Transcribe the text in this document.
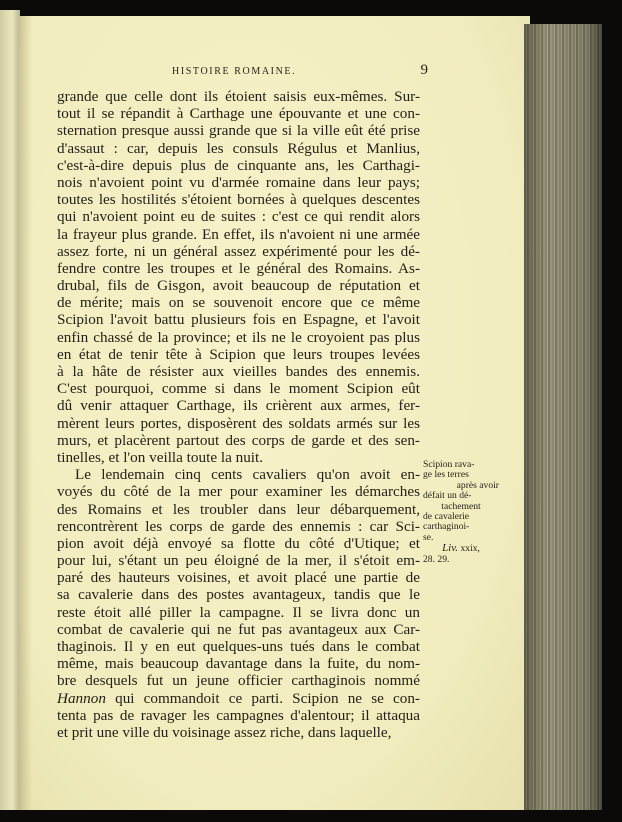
HISTOIRE ROMAINE.	9
grande que celle dont ils étoient saisis eux-mêmes. Sur-
tout il se répandit à Carthage une épouvante et une con-
sternation presque aussi grande que si la ville eût été prise
d'assaut : car, depuis les consuls Régulus et Manlius,
c'est-à-dire depuis plus de cinquante ans, les Carthagi-
nois n'avoient point vu d'armée romaine dans leur pays;
toutes les hostilités s'étoient bornées à quelques descentes
qui n'avoient point eu de suites : c'est ce qui rendit alors
la frayeur plus grande. En effet, ils n'avoient ni une armée
assez forte, ni un général assez expérimenté pour les dé-
fendre contre les troupes et le général des Romains. As-
drubal, fils de Gisgon, avoit beaucoup de réputation et
de mérite; mais on se souvenoit encore que ce même
Scipion l'avoit battu plusieurs fois en Espagne, et l'avoit
enfin chassé de la province; et ils ne le croyoient pas plus
en état de tenir tête à Scipion que leurs troupes levées
à la hâte de résister aux vieilles bandes des ennemis.
C'est pourquoi, comme si dans le moment Scipion eût
dû venir attaquer Carthage, ils crièrent aux armes, fer-
mèrent leurs portes, disposèrent des soldats armés sur les
murs, et placèrent partout des corps de garde et des sen-
tinelles, et l'on veilla toute la nuit.
Le lendemain cinq cents cavaliers qu'on avoit en-
voyés du côté de la mer pour examiner les démarches
des Romains et les troubler dans leur débarquement,
rencontrèrent les corps de garde des ennemis : car Sci-
pion avoit déjà envoyé sa flotte du côté d'Utique; et
pour lui, s'étant un peu éloigné de la mer, il s'étoit em-
paré des hauteurs voisines, et avoit placé une partie de
sa cavalerie dans des postes avantageux, tandis que le
reste étoit allé piller la campagne. Il se livra donc un
combat de cavalerie qui ne fut pas avantageux aux Car-
thaginois. Il y en eut quelques-uns tués dans le combat
même, mais beaucoup davantage dans la fuite, du nom-
bre desquels fut un jeune officier carthaginois nommé
Hannon qui commandoit ce parti. Scipion ne se con-
tenta pas de ravager les campagnes d'alentour; il attaqua
et prit une ville du voisinage assez riche, dans laquelle,
Scipion rava-
ge les terres
après avoir
défait un dé-
tachement
de cavalerie
carthaginoi-
se.
Liv. xxix,
28. 29.
